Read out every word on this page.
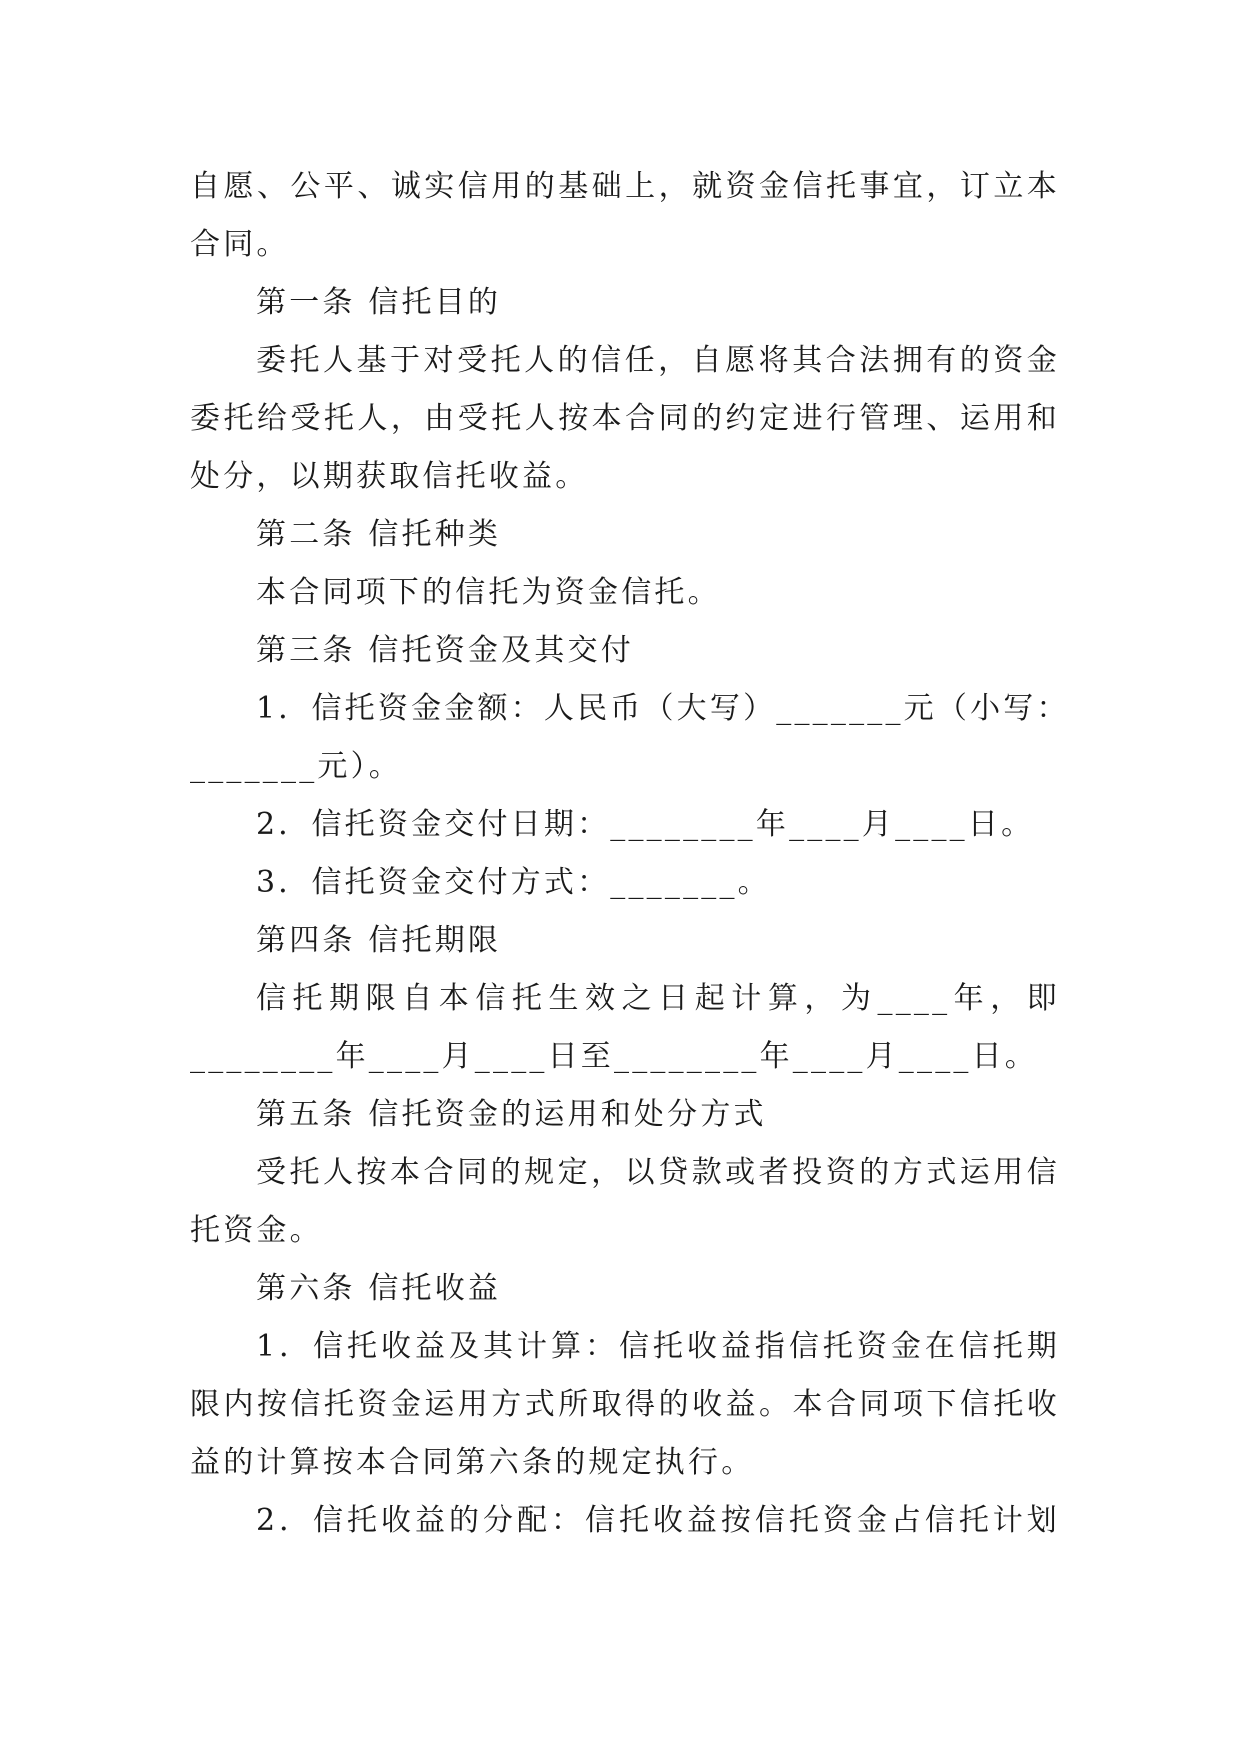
自愿、公平、诚实信用的基础上，就资金信托事宜，订立本
合同。
第一条 信托目的
委托人基于对受托人的信任，自愿将其合法拥有的资金
委托给受托人，由受托人按本合同的约定进行管理、运用和
处分，以期获取信托收益。
第二条 信托种类
本合同项下的信托为资金信托。
第三条 信托资金及其交付
1．信托资金金额：人民币（大写）_______元（小写：
_______元）。
2．信托资金交付日期：________年____月____日。
3．信托资金交付方式：_______。
第四条 信托期限
信托期限自本信托生效之日起计算，为____年，即
________年____月____日至________年____月____日。
第五条 信托资金的运用和处分方式
受托人按本合同的规定，以贷款或者投资的方式运用信
托资金。
第六条 信托收益
1．信托收益及其计算：信托收益指信托资金在信托期
限内按信托资金运用方式所取得的收益。本合同项下信托收
益的计算按本合同第六条的规定执行。
2．信托收益的分配：信托收益按信托资金占信托计划
